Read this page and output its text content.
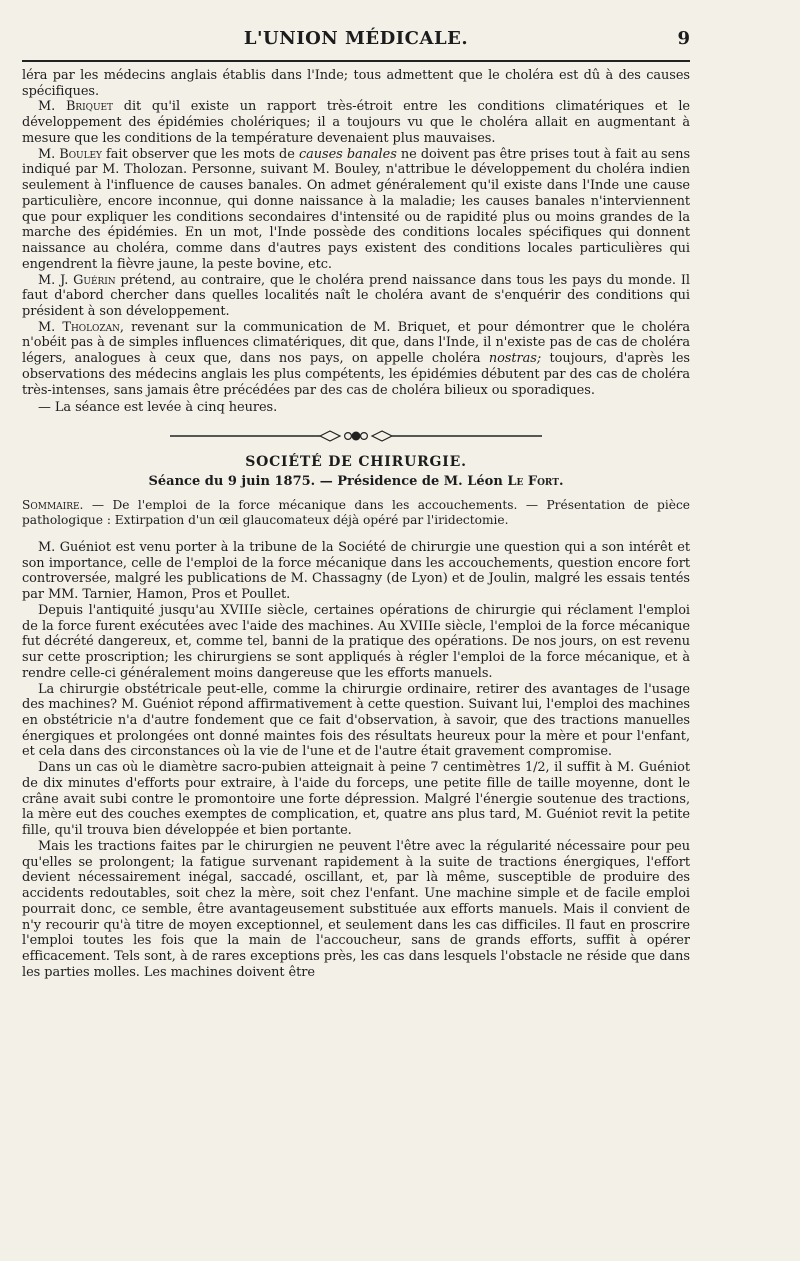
L'UNION MÉDICALE.	9

léra par les médecins anglais établis dans l'Inde; tous admettent que le choléra est dû à des causes spécifiques.

M. Briquet dit qu'il existe un rapport très-étroit entre les conditions climatériques et le développement des épidémies cholériques; il a toujours vu que le choléra allait en augmentant à mesure que les conditions de la température devenaient plus mauvaises.

M. Bouley fait observer que les mots de causes banales ne doivent pas être prises tout à fait au sens indiqué par M. Tholozan. Personne, suivant M. Bouley, n'attribue le développement du choléra indien seulement à l'influence de causes banales. On admet généralement qu'il existe dans l'Inde une cause particulière, encore inconnue, qui donne naissance à la maladie; les causes banales n'interviennent que pour expliquer les conditions secondaires d'intensité ou de rapidité plus ou moins grandes de la marche des épidémies. En un mot, l'Inde possède des conditions locales spécifiques qui donnent naissance au choléra, comme dans d'autres pays existent des conditions locales particulières qui engendrent la fièvre jaune, la peste bovine, etc.

M. J. Guérin prétend, au contraire, que le choléra prend naissance dans tous les pays du monde. Il faut d'abord chercher dans quelles localités naît le choléra avant de s'enquérir des conditions qui président à son développement.

M. Tholozan, revenant sur la communication de M. Briquet, et pour démontrer que le choléra n'obéit pas à de simples influences climatériques, dit que, dans l'Inde, il n'existe pas de cas de choléra légers, analogues à ceux que, dans nos pays, on appelle choléra nostras; toujours, d'après les observations des médecins anglais les plus compétents, les épidémies débutent par des cas de choléra très-intenses, sans jamais être précédées par des cas de choléra bilieux ou sporadiques.

— La séance est levée à cinq heures.

SOCIÉTÉ DE CHIRURGIE.
Séance du 9 juin 1875. — Présidence de M. Léon Le Fort.
Sommaire. — De l'emploi de la force mécanique dans les accouchements. — Présentation de pièce pathologique : Extirpation d'un œil glaucomateux déjà opéré par l'iridectomie.

M. Guéniot est venu porter à la tribune de la Société de chirurgie une question qui a son intérêt et son importance, celle de l'emploi de la force mécanique dans les accouchements, question encore fort controversée, malgré les publications de M. Chassagny (de Lyon) et de Joulin, malgré les essais tentés par MM. Tarnier, Hamon, Pros et Poullet.

Depuis l'antiquité jusqu'au XVIIIe siècle, certaines opérations de chirurgie qui réclament l'emploi de la force furent exécutées avec l'aide des machines. Au XVIIIe siècle, l'emploi de la force mécanique fut décrété dangereux, et, comme tel, banni de la pratique des opérations. De nos jours, on est revenu sur cette proscription; les chirurgiens se sont appliqués à régler l'emploi de la force mécanique, et à rendre celle-ci généralement moins dangereuse que les efforts manuels.

La chirurgie obstétricale peut-elle, comme la chirurgie ordinaire, retirer des avantages de l'usage des machines? M. Guéniot répond affirmativement à cette question. Suivant lui, l'emploi des machines en obstétricie n'a d'autre fondement que ce fait d'observation, à savoir, que des tractions manuelles énergiques et prolongées ont donné maintes fois des résultats heureux pour la mère et pour l'enfant, et cela dans des circonstances où la vie de l'une et de l'autre était gravement compromise.

Dans un cas où le diamètre sacro-pubien atteignait à peine 7 centimètres 1/2, il suffit à M. Guéniot de dix minutes d'efforts pour extraire, à l'aide du forceps, une petite fille de taille moyenne, dont le crâne avait subi contre le promontoire une forte dépression. Malgré l'énergie soutenue des tractions, la mère eut des couches exemptes de complication, et, quatre ans plus tard, M. Guéniot revit la petite fille, qu'il trouva bien développée et bien portante.

Mais les tractions faites par le chirurgien ne peuvent l'être avec la régularité nécessaire pour peu qu'elles se prolongent; la fatigue survenant rapidement à la suite de tractions énergiques, l'effort devient nécessairement inégal, saccadé, oscillant, et, par là même, susceptible de produire des accidents redoutables, soit chez la mère, soit chez l'enfant. Une machine simple et de facile emploi pourrait donc, ce semble, être avantageusement substituée aux efforts manuels. Mais il convient de n'y recourir qu'à titre de moyen exceptionnel, et seulement dans les cas difficiles. Il faut en proscrire l'emploi toutes les fois que la main de l'accoucheur, sans de grands efforts, suffit à opérer efficacement. Tels sont, à de rares exceptions près, les cas dans lesquels l'obstacle ne réside que dans les parties molles. Les machines doivent être
